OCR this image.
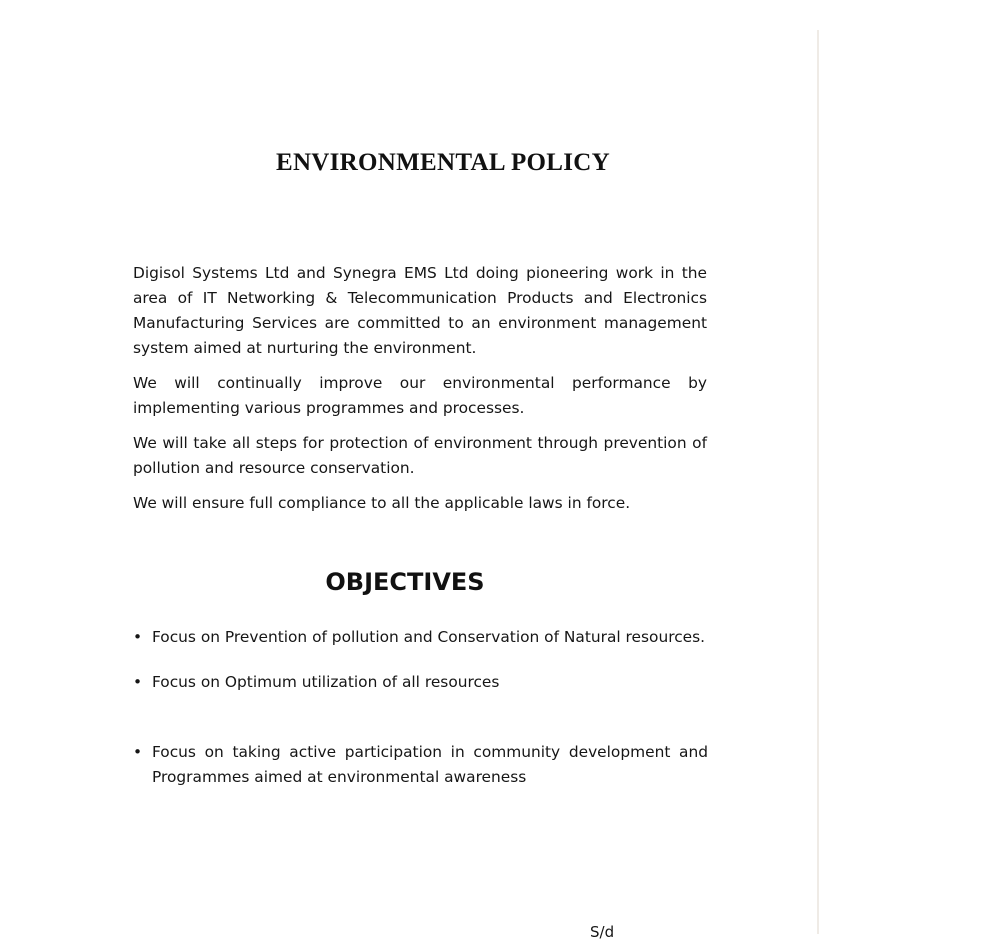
ENVIRONMENTAL POLICY

Digisol Systems Ltd and Synegra EMS Ltd doing pioneering work in the area of IT Networking & Telecommunication Products and Electronics Manufacturing Services are committed to an environment management system aimed at nurturing the environment.

We will continually improve our environmental performance by implementing various programmes and processes.

We will take all steps for protection of environment through prevention of pollution and resource conservation.

We will ensure full compliance to all the applicable laws in force.

OBJECTIVES
• Focus on Prevention of pollution and Conservation of Natural resources.
• Focus on Optimum utilization of all resources
• Focus on taking active participation in community development and Programmes aimed at environmental awareness
S/d
